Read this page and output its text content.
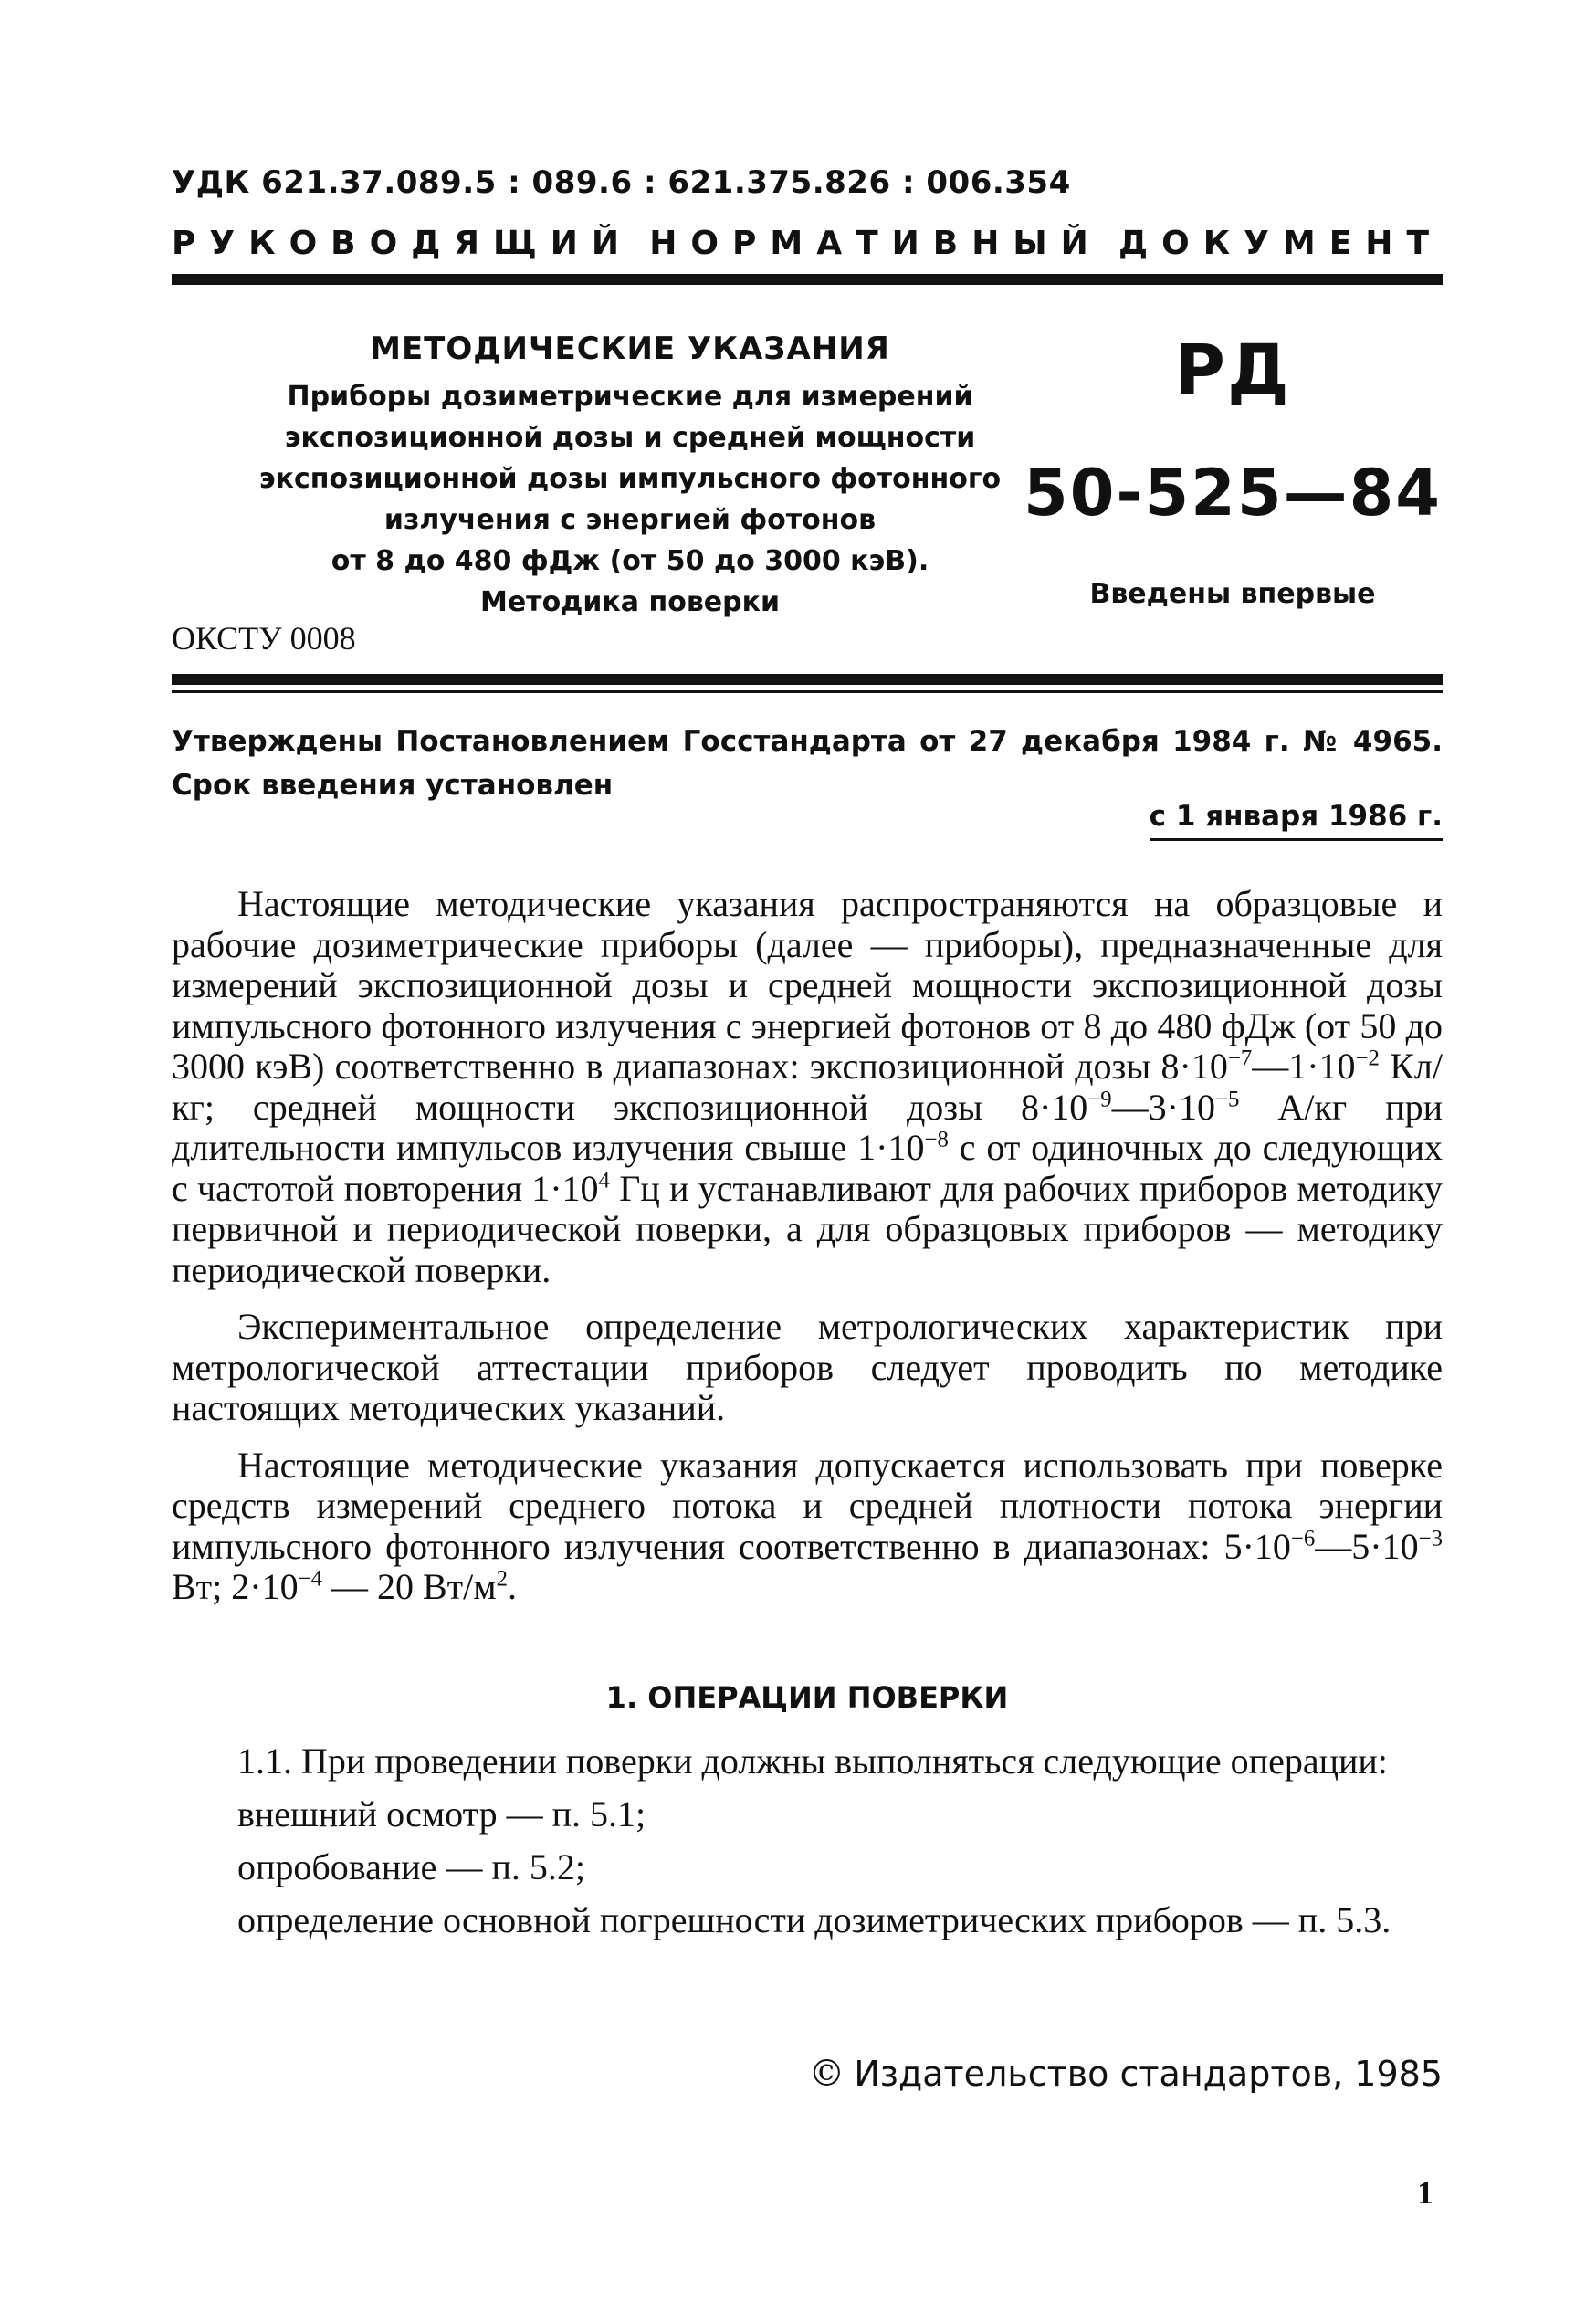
УДК 621.37.089.5 : 089.6 : 621.375.826 : 006.354
РУКОВОДЯЩИЙ НОРМАТИВНЫЙ ДОКУМЕНТ
МЕТОДИЧЕСКИЕ УКАЗАНИЯ
Приборы дозиметрические для измерений
экспозиционной дозы и средней мощности
экспозиционной дозы импульсного фотонного
излучения с энергией фотонов
от 8 до 480 фДж (от 50 до 3000 кэВ).
Методика поверки
РД
50-525—84
Введены впервые
ОКСТУ 0008
Утверждены Постановлением Госстандарта от 27 декабря 1984 г. № 4965. Срок введения установлен
с 1 января 1986 г.

Настоящие методические указания распространяются на образцовые и рабочие дозиметрические приборы (далее — приборы), предназначенные для измерений экспозиционной дозы и средней мощности экспозиционной дозы импульсного фотонного излучения с энергией фотонов от 8 до 480 фДж (от 50 до 3000 кэВ) соответственно в диапазонах: экспозиционной дозы $8\cdot 10^{-7}—1\cdot 10^{-2}$ Кл/кг; средней мощности экспозиционной дозы $8\cdot 10^{-9}—3\cdot 10^{-5}$ А/кг при длительности импульсов излучения свыше $1\cdot 10^{-8}$ с от одиночных до следующих с частотой повторения $1\cdot 10^4$ Гц и устанавливают для рабочих приборов методику первичной и периодической поверки, а для образцовых приборов — методику периодической поверки.

Экспериментальное определение метрологических характеристик при метрологической аттестации приборов следует проводить по методике настоящих методических указаний.

Настоящие методические указания допускается использовать при поверке средств измерений среднего потока и средней плотности потока энергии импульсного фотонного излучения соответственно в диапазонах: $5\cdot 10^{-6}—5\cdot 10^{-3}$ Вт; $2\cdot 10^{-4}$ — 20 $Вт/м^2$.

1. ОПЕРАЦИИ ПОВЕРКИ

1.1. При проведении поверки должны выполняться следующие операции:

внешний осмотр — п. 5.1;

опробование — п. 5.2;

определение основной погрешности дозиметрических приборов — п. 5.3.

© Издательство стандартов, 1985
1
